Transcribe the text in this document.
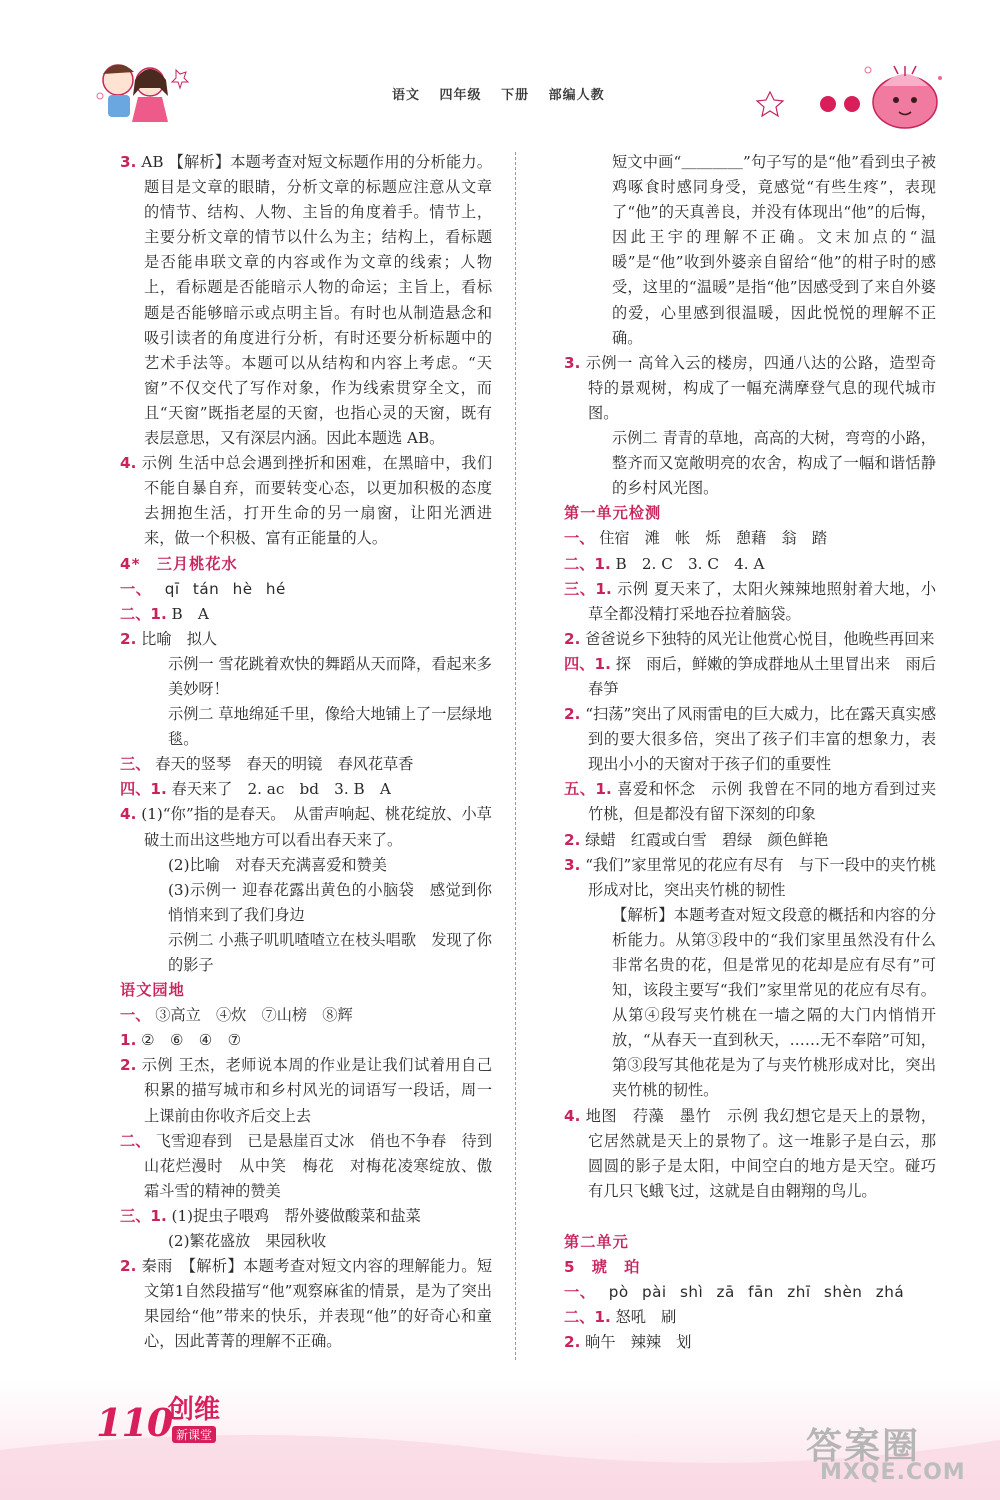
语文 四年级 下册 部编人教
3. AB 【解析】本题考查对短文标题作用的分析能力。题目是文章的眼睛，分析文章的标题应注意从文章的情节、结构、人物、主旨的角度着手。情节上，主要分析文章的情节以什么为主；结构上，看标题是否能串联文章的内容或作为文章的线索；人物上，看标题是否能暗示人物的命运；主旨上，看标题是否能够暗示或点明主旨。有时也从制造悬念和吸引读者的角度进行分析，有时还要分析标题中的艺术手法等。本题可以从结构和内容上考虑。“天窗”不仅交代了写作对象，作为线索贯穿全文，而且“天窗”既指老屋的天窗，也指心灵的天窗，既有表层意思，又有深层内涵。因此本题选 AB。
4. 示例 生活中总会遇到挫折和困难，在黑暗中，我们不能自暴自弃，而要转变心态，以更加积极的态度去拥抱生活，打开生命的另一扇窗，让阳光洒进来，做一个积极、富有正能量的人。
4*　三月桃花水
一、 qī tán hè hé
二、1. B　A
2. 比喻　拟人
示例一 雪花跳着欢快的舞蹈从天而降，看起来多美妙呀！
示例二 草地绵延千里，像给大地铺上了一层绿地毯。
三、 春天的竖琴　春天的明镜　春风花草香
四、1. 春天来了　2. ac　bd　3. B　A
4. (1)“你”指的是春天。　从雷声响起、桃花绽放、小草破土而出这些地方可以看出春天来了。
(2)比喻　对春天充满喜爱和赞美
(3)示例一 迎春花露出黄色的小脑袋　感觉到你悄悄来到了我们身边
示例二 小燕子叽叽喳喳立在枝头唱歌　发现了你的影子
语文园地
一、 ③高立　④炊　⑦山榜　⑧辉
1. ②　⑥　④　⑦
2. 示例 王杰，老师说本周的作业是让我们试着用自己积累的描写城市和乡村风光的词语写一段话，周一上课前由你收齐后交上去
二、 飞雪迎春到　已是悬崖百丈冰　俏也不争春　待到山花烂漫时　从中笑　梅花　对梅花凌寒绽放、傲霜斗雪的精神的赞美
三、1. (1)捉虫子喂鸡　帮外婆做酸菜和盐菜
(2)繁花盛放　果园秋收
2. 秦雨　【解析】本题考查对短文内容的理解能力。短文第1自然段描写“他”观察麻雀的情景，是为了突出果园给“他”带来的快乐，并表现“他”的好奇心和童心，因此菁菁的理解不正确。
短文中画“＿＿＿＿”句子写的是“他”看到虫子被鸡啄食时感同身受，竟感觉“有些生疼”，表现了“他”的天真善良，并没有体现出“他”的后悔，因此王宇的理解不正确。文末加点的“温暖”是“他”收到外婆亲自留给“他”的柑子时的感受，这里的“温暖”是指“他”因感受到了来自外婆的爱，心里感到很温暖，因此悦悦的理解不正确。
3. 示例一 高耸入云的楼房，四通八达的公路，造型奇特的景观树，构成了一幅充满摩登气息的现代城市图。
示例二 青青的草地，高高的大树，弯弯的小路，整齐而又宽敞明亮的农舍，构成了一幅和谐恬静的乡村风光图。
第一单元检测
一、 住宿　滩　帐　烁　憩藉　翁　踏
二、1. B　2. C　3. C　4. A
三、1. 示例 夏天来了，太阳火辣辣地照射着大地，小草全都没精打采地吞拉着脑袋。
2. 爸爸说乡下独特的风光让他赏心悦目，他晚些再回来
四、1. 探　雨后，鲜嫩的笋成群地从土里冒出来　雨后春笋
2. “扫荡”突出了风雨雷电的巨大威力，比在露天真实感到的要大很多倍，突出了孩子们丰富的想象力，表现出小小的天窗对于孩子们的重要性
五、1. 喜爱和怀念　示例 我曾在不同的地方看到过夹竹桃，但是都没有留下深刻的印象
2. 绿蜡　红霞或白雪　碧绿　颜色鲜艳
3. “我们”家里常见的花应有尽有　与下一段中的夹竹桃形成对比，突出夹竹桃的韧性
【解析】本题考查对短文段意的概括和内容的分析能力。从第③段中的“我们家里虽然没有什么非常名贵的花，但是常见的花却是应有尽有”可知，该段主要写“我们”家里常见的花应有尽有。从第④段写夹竹桃在一墙之隔的大门内悄悄开放，“从春天一直到秋天，……无不奉陪”可知，第③段写其他花是为了与夹竹桃形成对比，突出夹竹桃的韧性。
4. 地图　荇藻　墨竹　示例 我幻想它是天上的景物，它居然就是天上的景物了。这一堆影子是白云，那圆圆的影子是太阳，中间空白的地方是天空。碰巧有几只飞蛾飞过，这就是自由翱翔的鸟儿。
第二单元
5　琥　珀
一、 pò pài shì zā fān zhī shèn zhá
二、1. 怒吼　刷
2. 晌午　辣辣　划
110
创维
新课堂	答案圈
MXQE.COM
